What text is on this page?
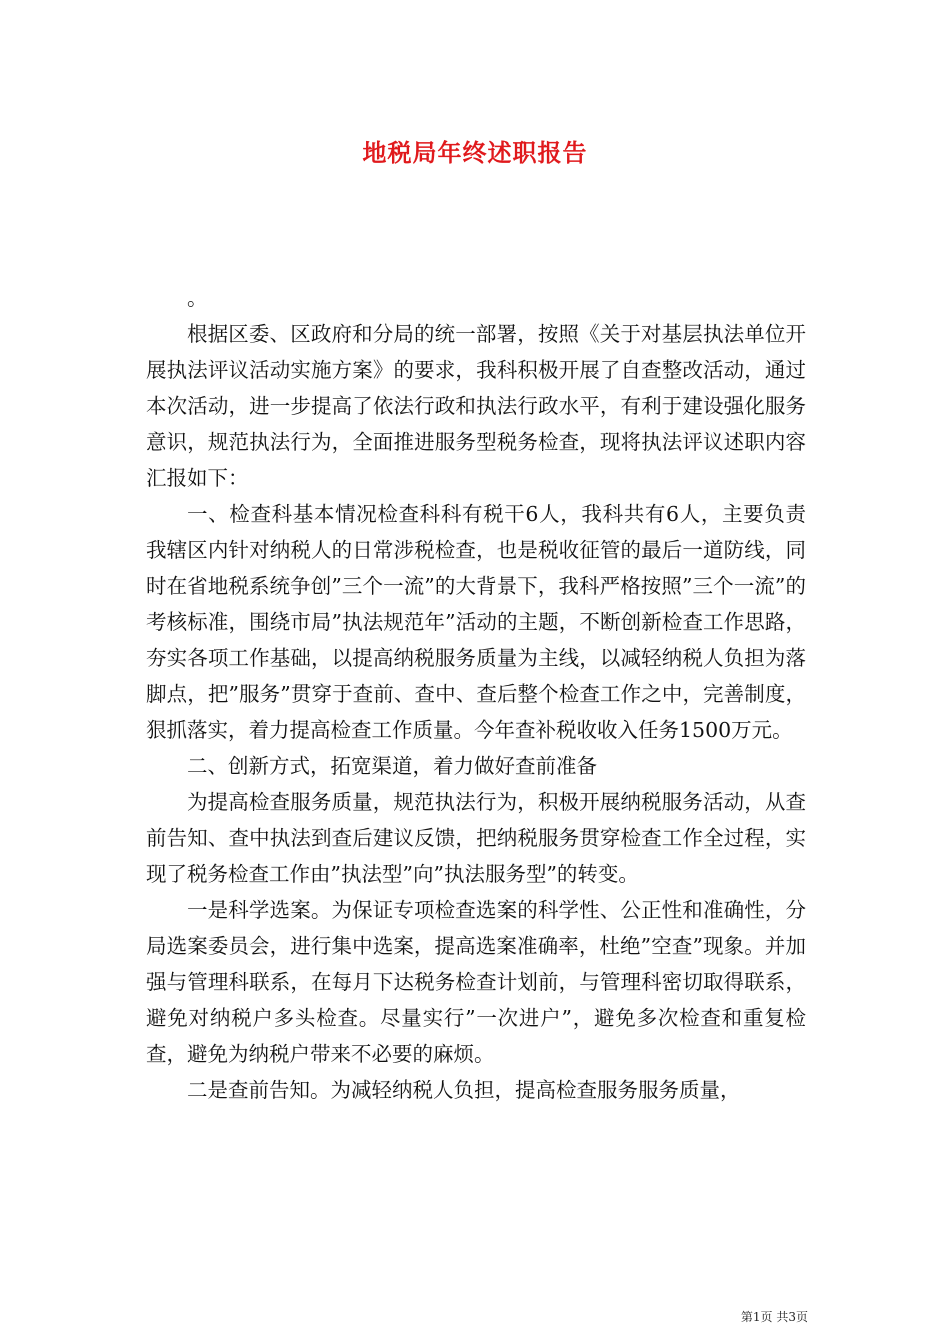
地税局年终述职报告

。

根据区委、区政府和分局的统一部署，按照《关于对基层执法单位开展执法评议活动实施方案》的要求，我科积极开展了自查整改活动，通过本次活动，进一步提高了依法行政和执法行政水平，有利于建设强化服务意识，规范执法行为，全面推进服务型税务检查，现将执法评议述职内容汇报如下：

一、检查科基本情况检查科科有税干6人，我科共有6人，主要负责我辖区内针对纳税人的日常涉税检查，也是税收征管的最后一道防线，同时在省地税系统争创”三个一流”的大背景下，我科严格按照”三个一流”的考核标准，围绕市局”执法规范年”活动的主题，不断创新检查工作思路，夯实各项工作基础，以提高纳税服务质量为主线，以减轻纳税人负担为落脚点，把”服务”贯穿于查前、查中、查后整个检查工作之中，完善制度，狠抓落实，着力提高检查工作质量。今年查补税收收入任务1500万元。

二、创新方式，拓宽渠道，着力做好查前准备

为提高检查服务质量，规范执法行为，积极开展纳税服务活动，从查前告知、查中执法到查后建议反馈，把纳税服务贯穿检查工作全过程，实现了税务检查工作由”执法型”向”执法服务型”的转变。

一是科学选案。为保证专项检查选案的科学性、公正性和准确性，分局选案委员会，进行集中选案，提高选案准确率，杜绝”空查”现象。并加强与管理科联系，在每月下达税务检查计划前，与管理科密切取得联系，避免对纳税户多头检查。尽量实行”一次进户”，避免多次检查和重复检查，避免为纳税户带来不必要的麻烦。

二是查前告知。为减轻纳税人负担，提高检查服务服务质量，

第1页 共3页
